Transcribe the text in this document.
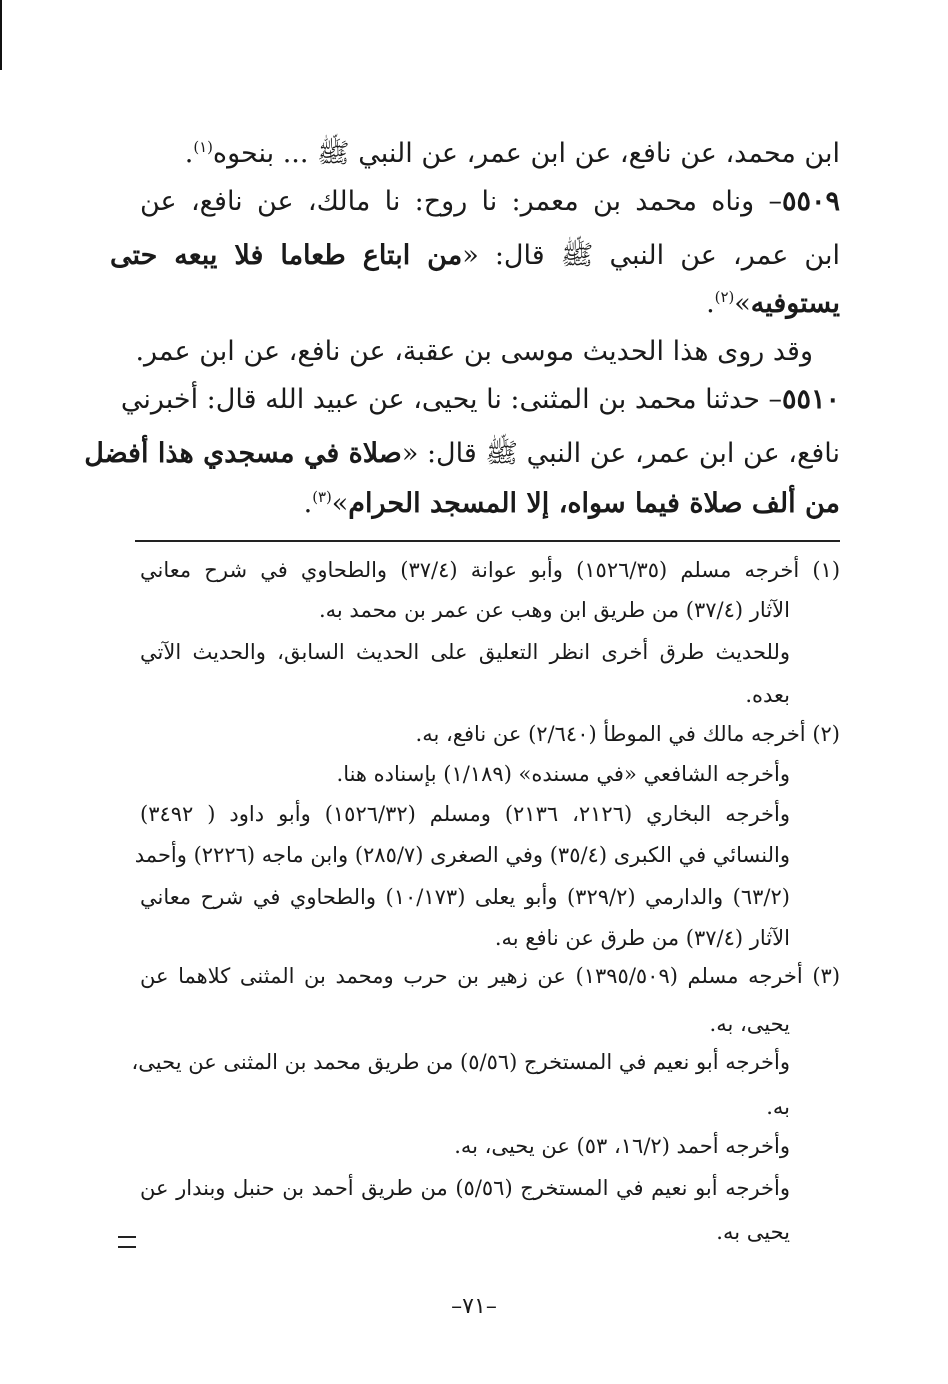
ابن محمد، عن نافع، عن ابن عمر، عن النبي ﷺ ... بنحوه$^{(١)}$.
٥٥٠٩– وناه محمد بن معمر: نا روح: نا مالك، عن نافع، عن
ابن عمر، عن النبي ﷺ قال: «من ابتاع طعاما فلا يبعه حتى
يستوفيه»$^{(٢)}$.
وقد روى هذا الحديث موسى بن عقبة، عن نافع، عن ابن عمر.
٥٥١٠– حدثنا محمد بن المثنى: نا يحيى، عن عبيد الله قال: أخبرني
نافع، عن ابن عمر، عن النبي ﷺ قال: «صلاة في مسجدي هذا أفضل
من ألف صلاة فيما سواه، إلا المسجد الحرام»$^{(٣)}$.
(١) أخرجه مسلم (١٥٢٦/٣٥) وأبو عوانة (٣٧/٤) والطحاوي في شرح معاني
الآثار (٣٧/٤) من طريق ابن وهب عن عمر بن محمد به.
وللحديث طرق أخرى انظر التعليق على الحديث السابق، والحديث الآتي
بعده.
(٢) أخرجه مالك في الموطأ (٢/٦٤٠) عن نافع، به.
وأخرجه الشافعي «في مسنده» (١/١٨٩) بإسناده هنا.
وأخرجه البخاري (٢١٢٦، ٢١٣٦) ومسلم (١٥٢٦/٣٢) وأبو داود ( ٣٤٩٢)
والنسائي في الكبرى (٣٥/٤) وفي الصغرى (٢٨٥/٧) وابن ماجه (٢٢٢٦) وأحمد
(٦٣/٢) والدارمي (٣٢٩/٢) وأبو يعلى (١٠/١٧٣) والطحاوي في شرح معاني
الآثار (٣٧/٤) من طرق عن نافع به.
(٣) أخرجه مسلم (١٣٩٥/٥٠٩) عن زهير بن حرب ومحمد بن المثنى كلاهما عن
يحيى، به.
وأخرجه أبو نعيم في المستخرج (٥/٥٦) من طريق محمد بن المثنى عن يحيى،
به.
وأخرجه أحمد (١٦/٢، ٥٣) عن يحيى، به.
وأخرجه أبو نعيم في المستخرج (٥/٥٦) من طريق أحمد بن حنبل وبندار عن
يحيى به.
–٧١–
